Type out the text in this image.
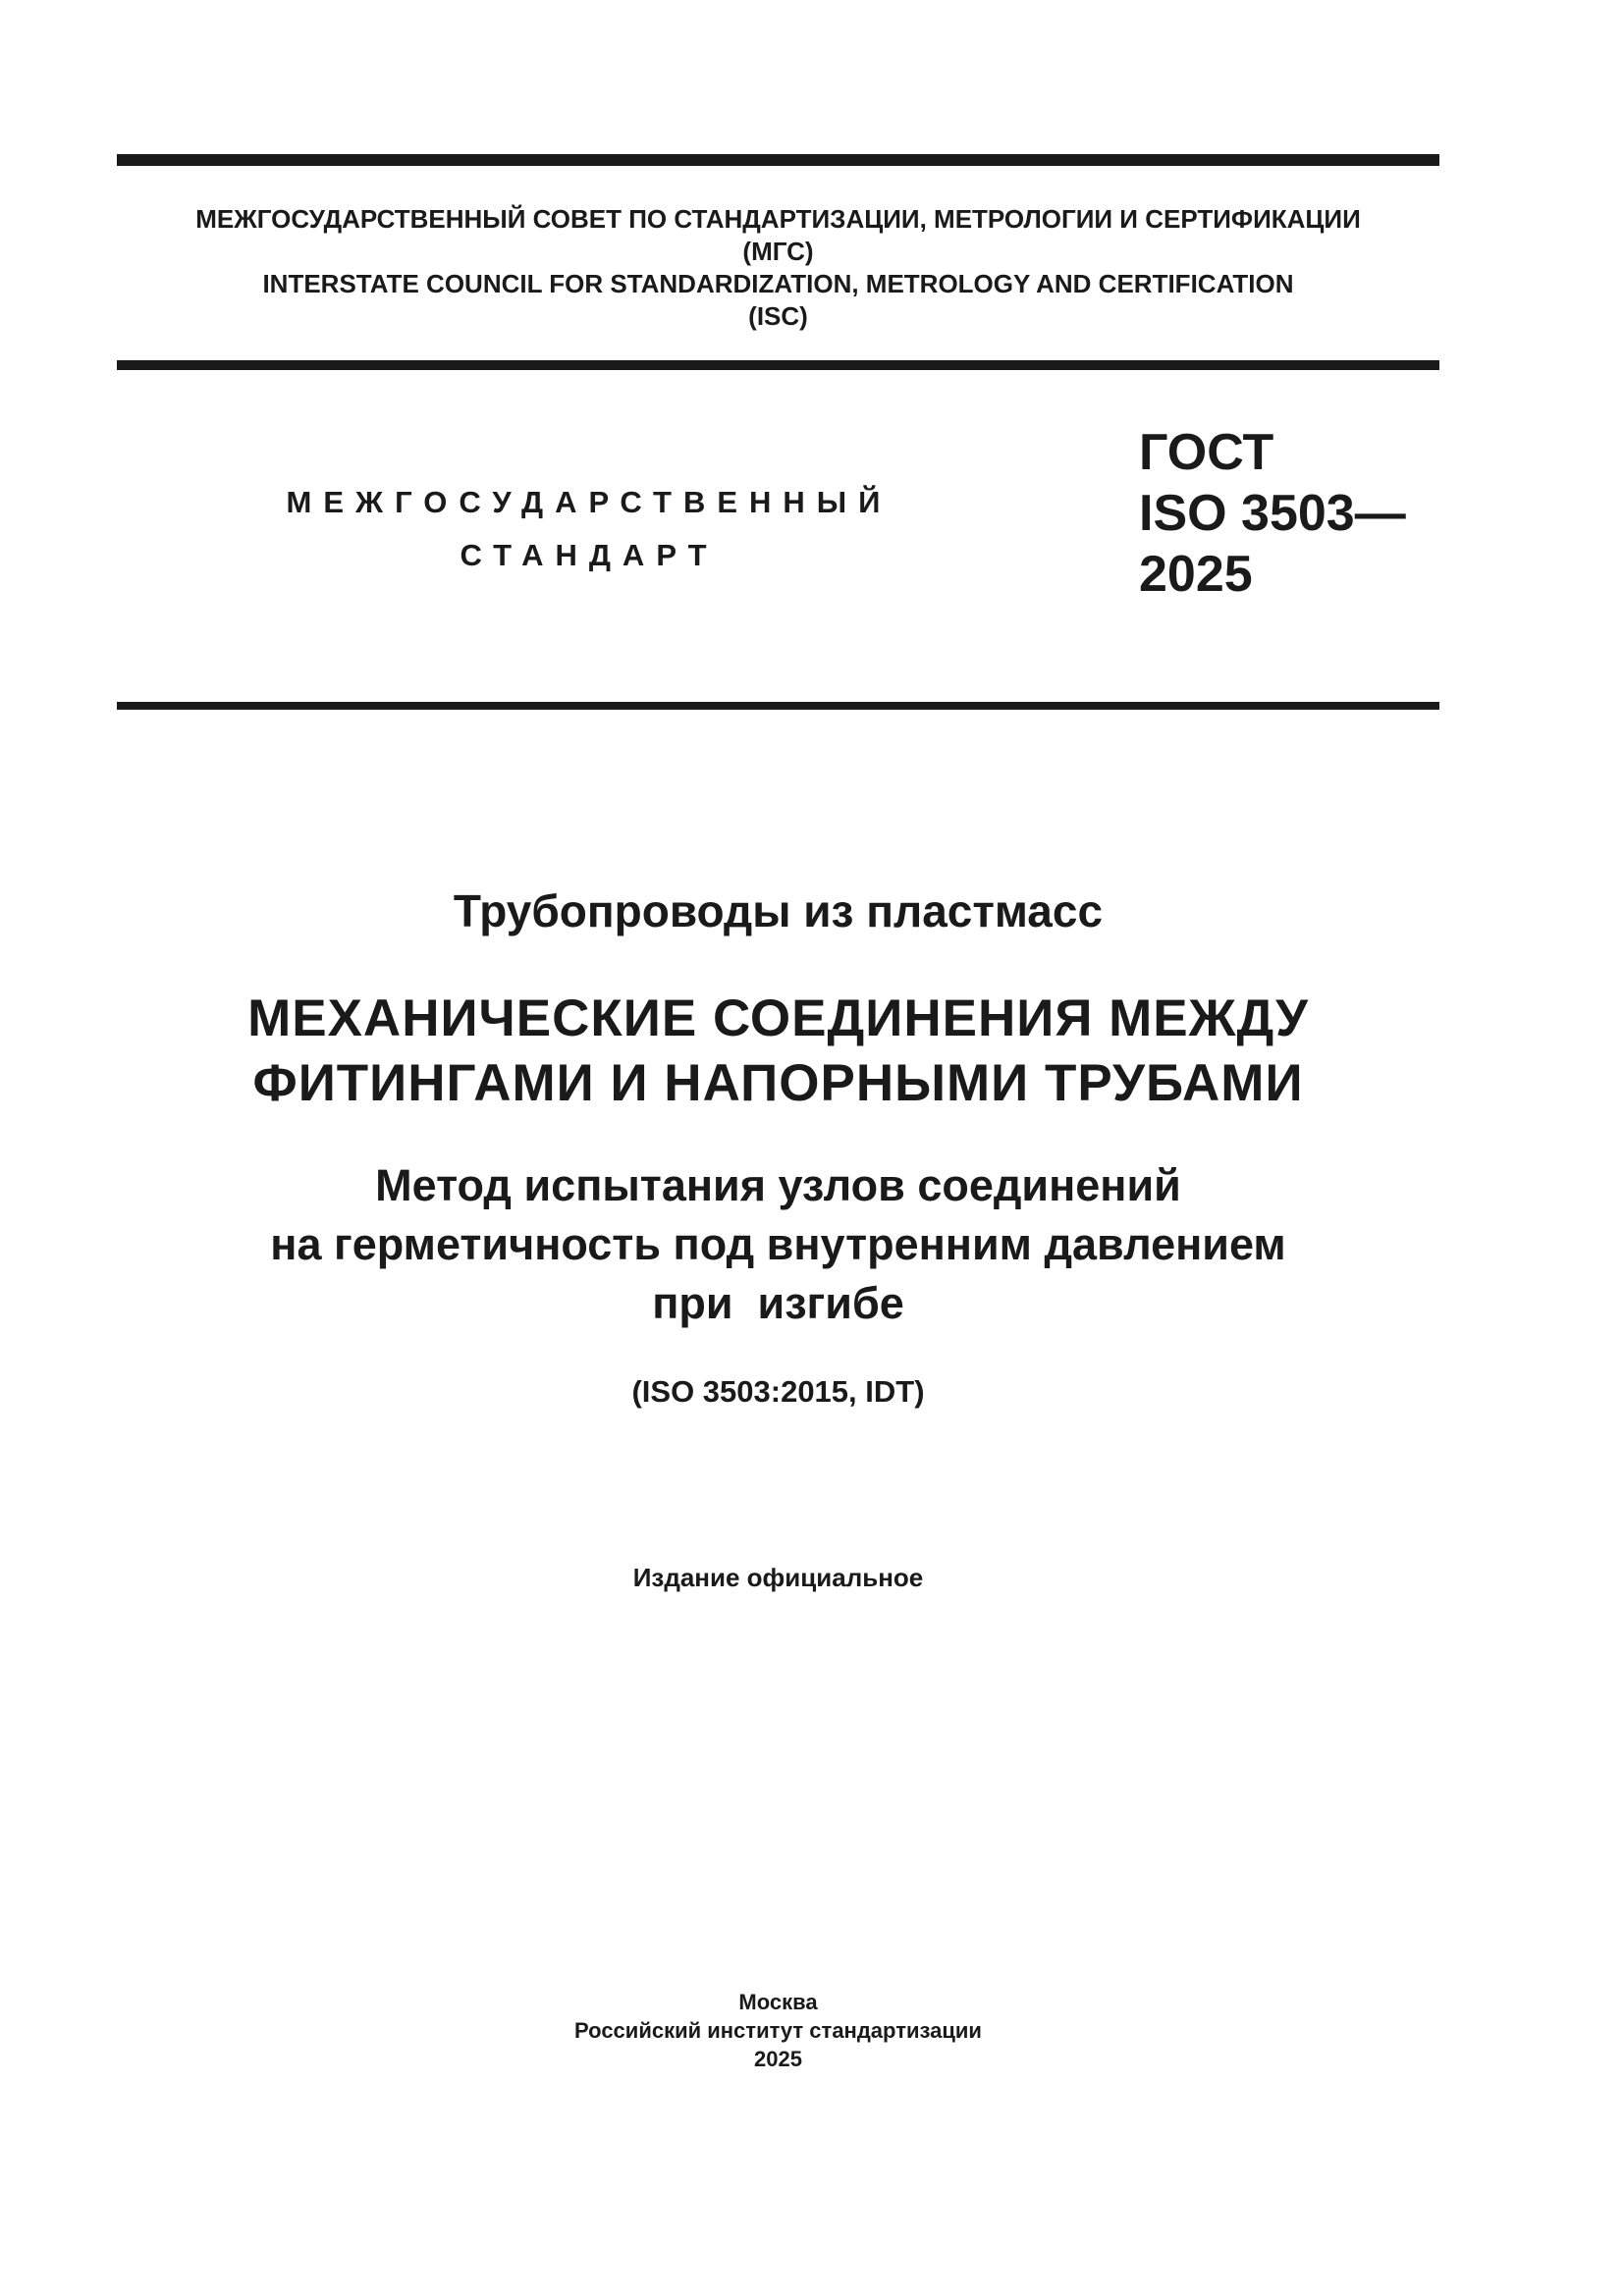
МЕЖГОСУДАРСТВЕННЫЙ СОВЕТ ПО СТАНДАРТИЗАЦИИ, МЕТРОЛОГИИ И СЕРТИФИКАЦИИ
(МГС)
INTERSTATE COUNCIL FOR STANDARDIZATION, METROLOGY AND CERTIFICATION
(ISC)
МЕЖГОСУДАРСТВЕННЫЙ
СТАНДАРТ
ГОСТ
ISO 3503—
2025
Трубопроводы из пластмасс
МЕХАНИЧЕСКИЕ СОЕДИНЕНИЯ МЕЖДУ
ФИТИНГАМИ И НАПОРНЫМИ ТРУБАМИ
Метод испытания узлов соединений
на герметичность под внутренним давлением
при  изгибе
(ISO 3503:2015, IDT)
Издание официальное
Москва
Российский институт стандартизации
2025
